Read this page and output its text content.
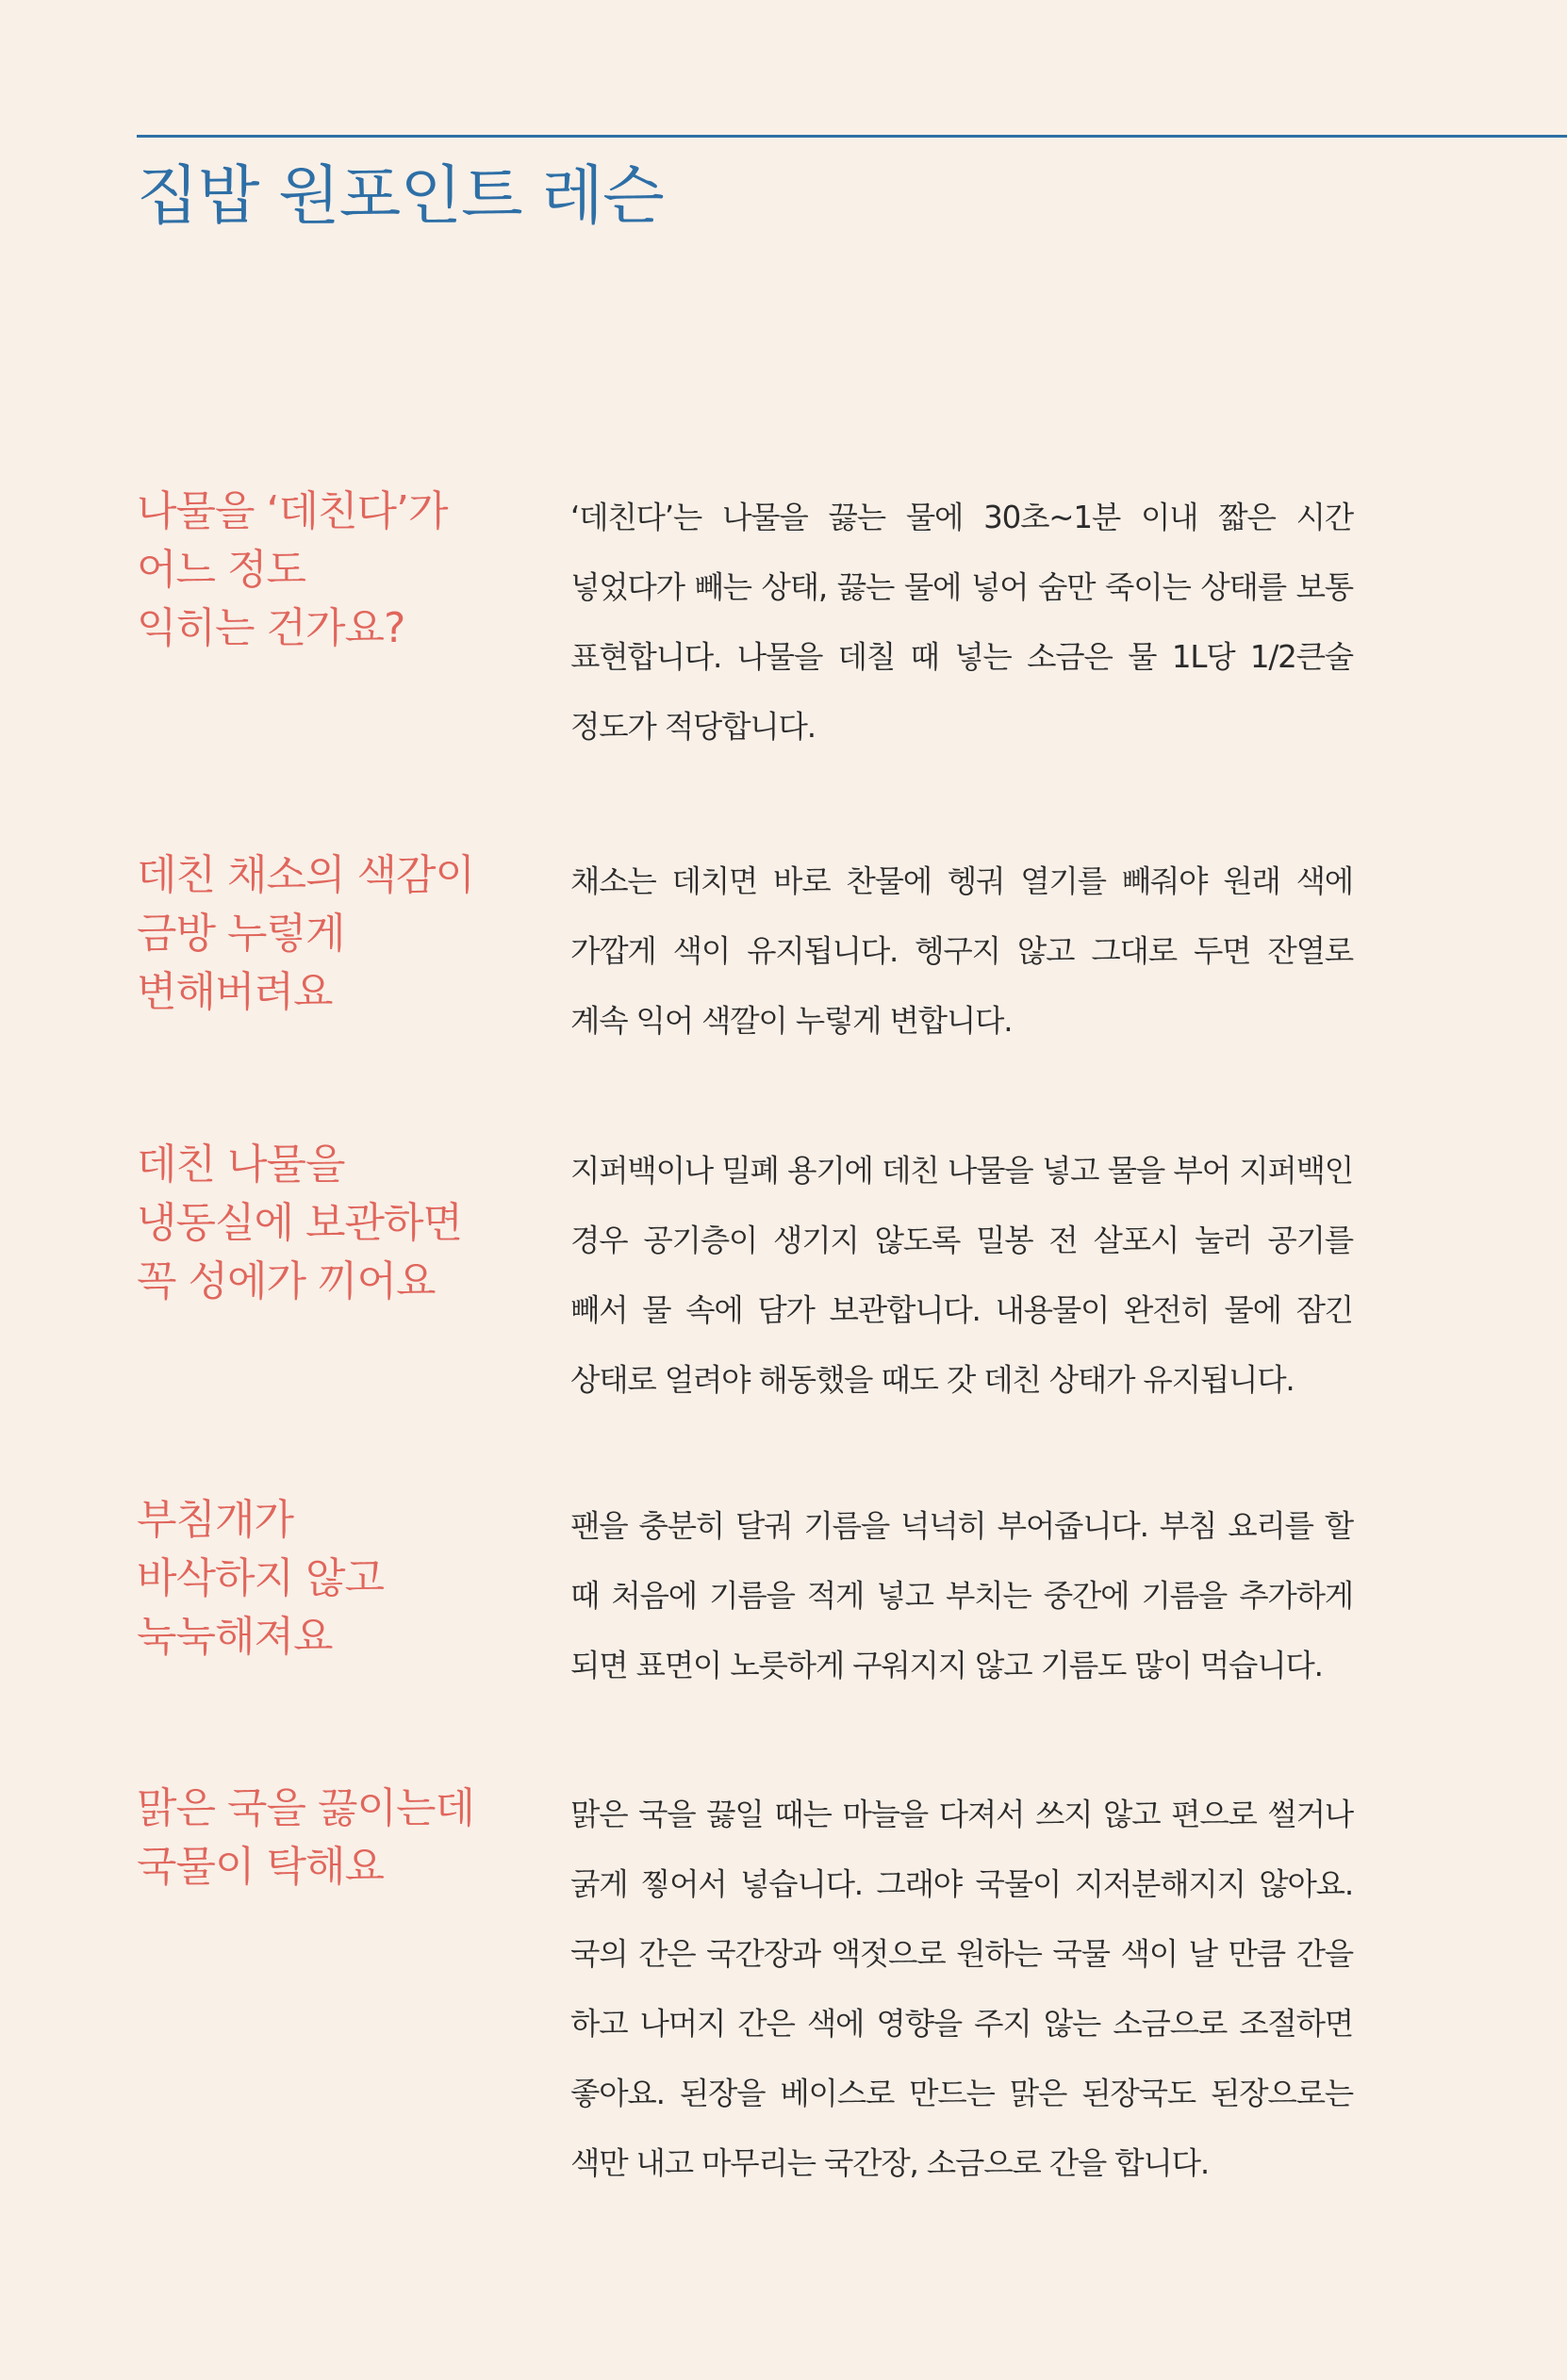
집밥 원포인트 레슨

나물을 ‘데친다’가
어느 정도
익히는 건가요?

‘데친다’는 나물을 끓는 물에 30초~1분 이내 짧은 시간 넣었다가 빼는 상태, 끓는 물에 넣어 숨만 죽이는 상태를 보통 표현합니다. 나물을 데칠 때 넣는 소금은 물 1L당 1/2큰술 정도가 적당합니다.

데친 채소의 색감이
금방 누렇게
변해버려요

채소는 데치면 바로 찬물에 헹궈 열기를 빼줘야 원래 색에 가깝게 색이 유지됩니다. 헹구지 않고 그대로 두면 잔열로 계속 익어 색깔이 누렇게 변합니다.

데친 나물을
냉동실에 보관하면
꼭 성에가 끼어요

지퍼백이나 밀폐 용기에 데친 나물을 넣고 물을 부어 지퍼백인 경우 공기층이 생기지 않도록 밀봉 전 살포시 눌러 공기를 빼서 물 속에 담가 보관합니다. 내용물이 완전히 물에 잠긴 상태로 얼려야 해동했을 때도 갓 데친 상태가 유지됩니다.

부침개가
바삭하지 않고
눅눅해져요

팬을 충분히 달궈 기름을 넉넉히 부어줍니다. 부침 요리를 할 때 처음에 기름을 적게 넣고 부치는 중간에 기름을 추가하게 되면 표면이 노릇하게 구워지지 않고 기름도 많이 먹습니다.

맑은 국을 끓이는데
국물이 탁해요

맑은 국을 끓일 때는 마늘을 다져서 쓰지 않고 편으로 썰거나 굵게 찧어서 넣습니다. 그래야 국물이 지저분해지지 않아요. 국의 간은 국간장과 액젓으로 원하는 국물 색이 날 만큼 간을 하고 나머지 간은 색에 영향을 주지 않는 소금으로 조절하면 좋아요. 된장을 베이스로 만드는 맑은 된장국도 된장으로는 색만 내고 마무리는 국간장, 소금으로 간을 합니다.
